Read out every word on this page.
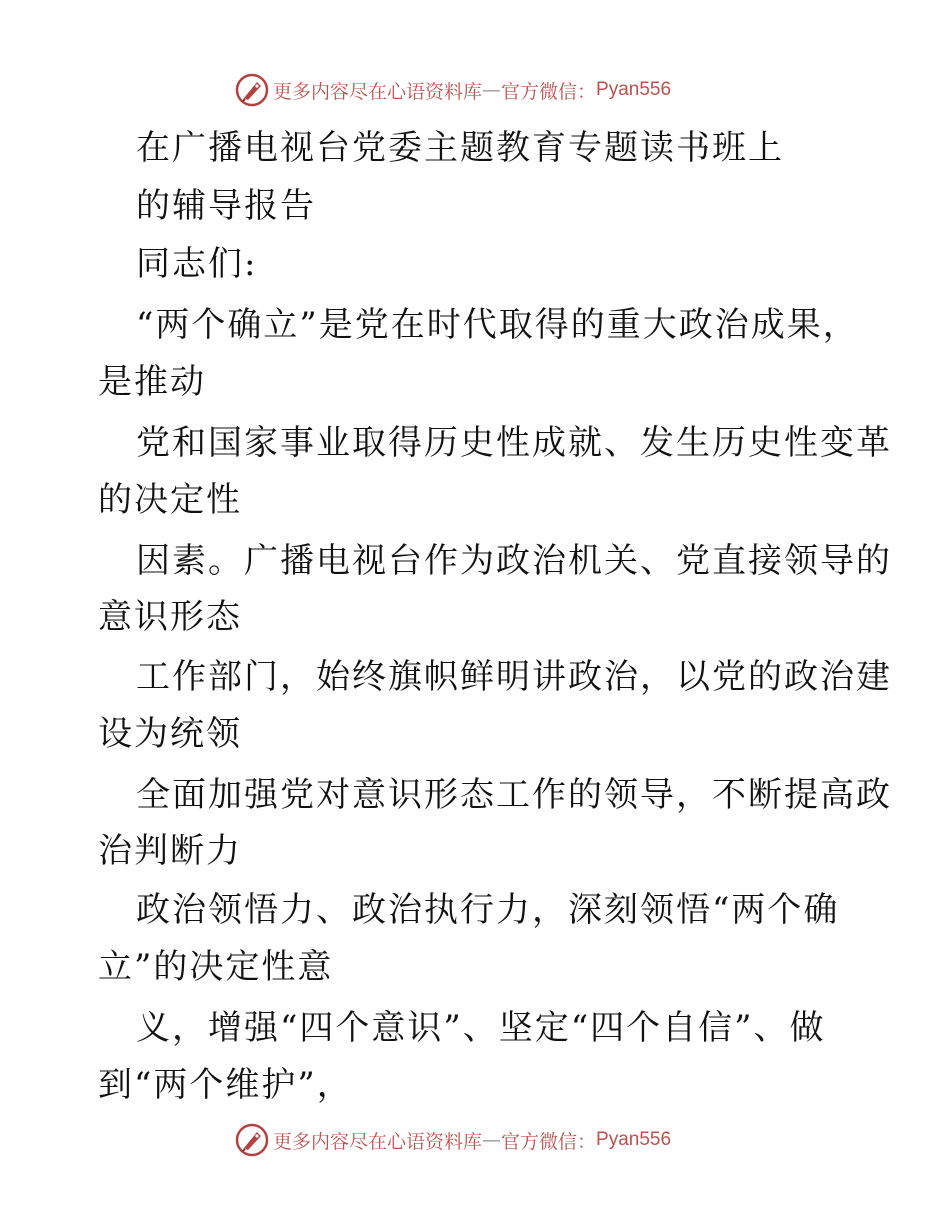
更多内容尽在心语资料库 — 官方微信： Pyan556

在广播电视台党委主题教育专题读书班上

的辅导报告

同志们:

“两个确立”是党在时代取得的重大政治成果，

是推动

党和国家事业取得历史性成就、发生历史性变革

的决定性

因素。广播电视台作为政治机关、党直接领导的

意识形态

工作部门，始终旗帜鲜明讲政治，以党的政治建

设为统领

全面加强党对意识形态工作的领导，不断提高政

治判断力

政治领悟力、政治执行力，深刻领悟“两个确

立”的决定性意

义，增强“四个意识”、坚定“四个自信”、做

到“两个维护”，

更多内容尽在心语资料库 — 官方微信： Pyan556
